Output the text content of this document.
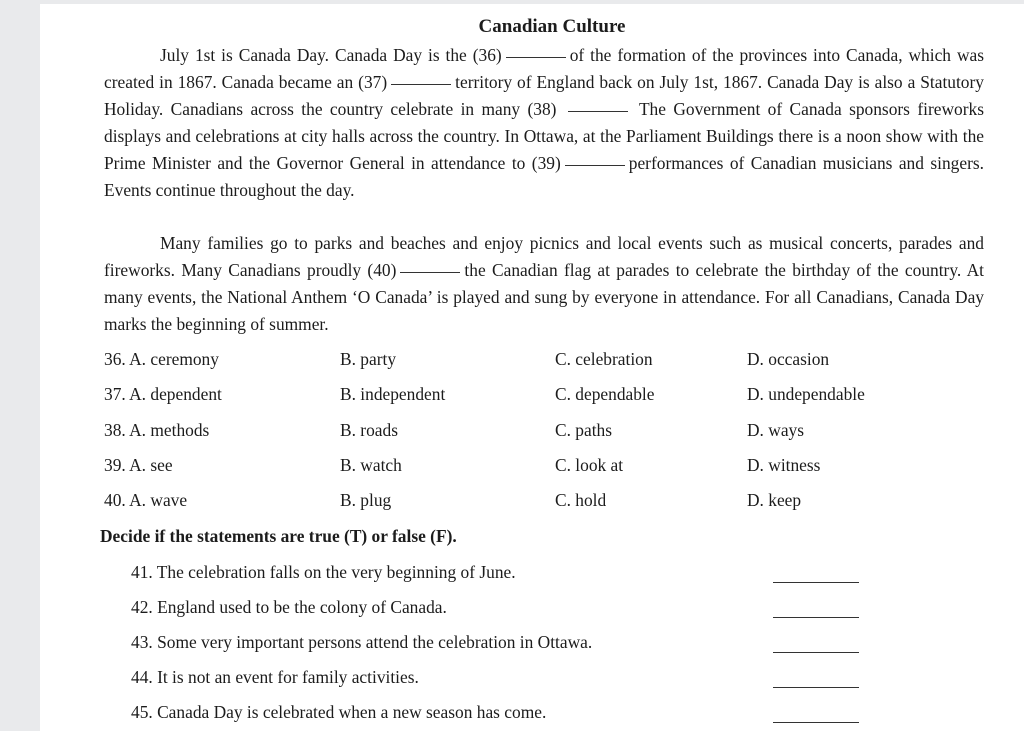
Canadian Culture

July 1st is Canada Day. Canada Day is the (36)	of the formation of the provinces into Canada, which was created in 1867. Canada became an (37)	territory of England back on July 1st, 1867. Canada Day is also a Statutory Holiday. Canadians across the country celebrate in many (38)	The Government of Canada sponsors fireworks displays and celebrations at city halls across the country. In Ottawa, at the Parliament Buildings there is a noon show with the Prime Minister and the Governor General in attendance to (39)	performances of Canadian musicians and singers. Events continue throughout the day.

Many families go to parks and beaches and enjoy picnics and local events such as musical concerts, parades and fireworks. Many Canadians proudly (40)	the Canadian flag at parades to celebrate the birthday of the country. At many events, the National Anthem ‘O Canada’ is played and sung by everyone in attendance. For all Canadians, Canada Day marks the beginning of summer.

36. A. ceremony	B. party	C. celebration	D. occasion
37. A. dependent	B. independent	C. dependable	D. undependable
38. A. methods	B. roads	C. paths	D. ways
39. A. see	B. watch	C. look at	D. witness
40. A. wave	B. plug	C. hold	D. keep
Decide if the statements are true (T) or false (F).
41. The celebration falls on the very beginning of June.
42. England used to be the colony of Canada.
43. Some very important persons attend the celebration in Ottawa.
44. It is not an event for family activities.
45. Canada Day is celebrated when a new season has come.
